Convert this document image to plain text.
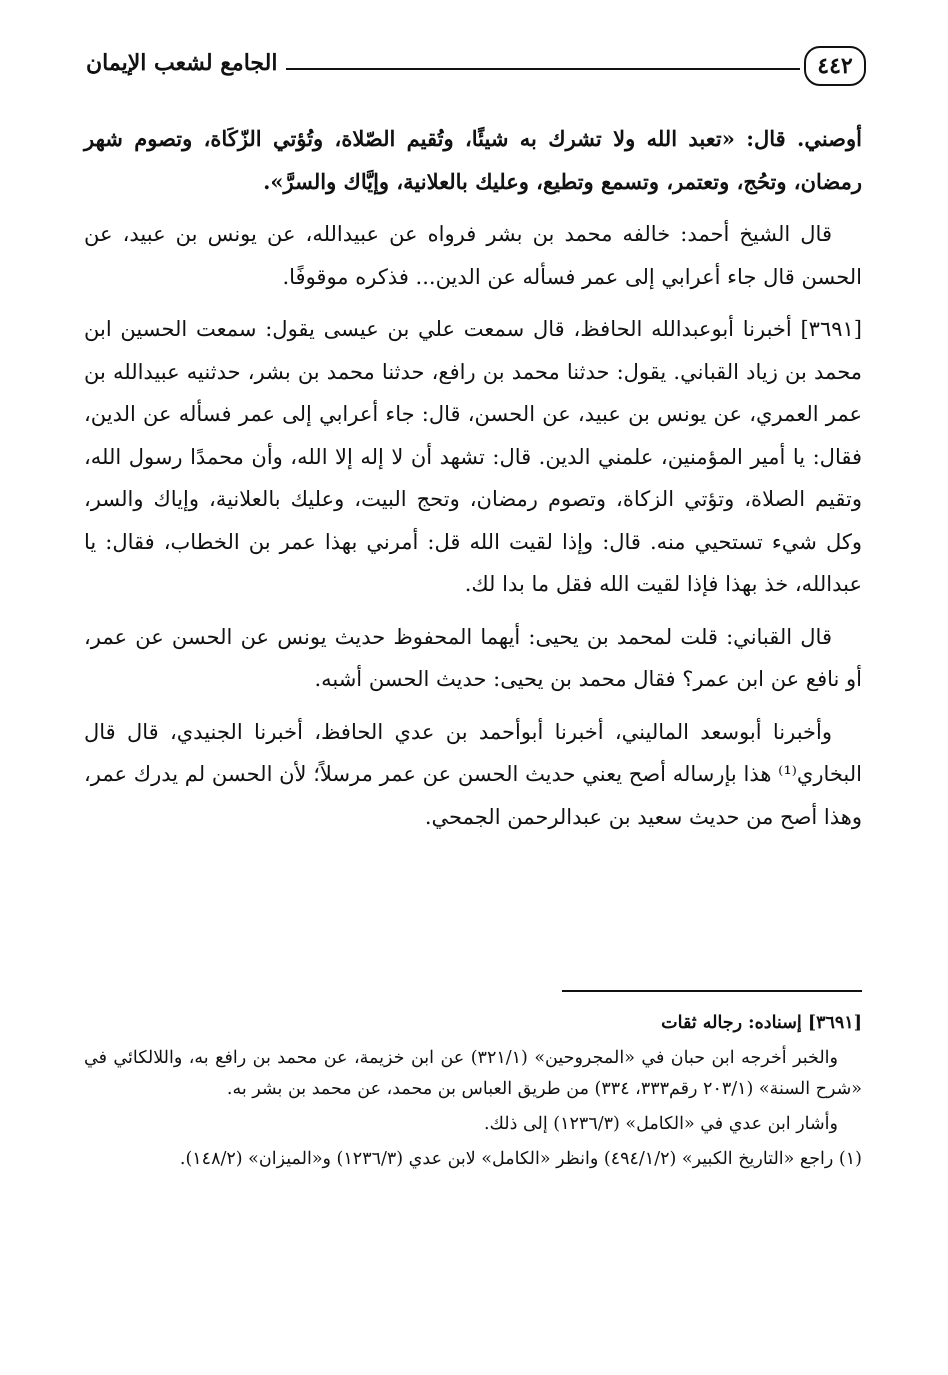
٤٤٢
الجامع لشعب الإيمان

أوصني. قال: «تعبد الله ولا تشرك به شيئًا، وتُقيم الصّلاة، وتُؤتي الزّكَاة، وتصوم شهر رمضان، وتحُج، وتعتمر، وتسمع وتطيع، وعليك بالعلانية، وإيَّاك والسرَّ».

قال الشيخ أحمد: خالفه محمد بن بشر فرواه عن عبيدالله، عن يونس بن عبيد، عن الحسن قال جاء أعرابي إلى عمر فسأله عن الدين... فذكره موقوفًا.

[٣٦٩١] أخبرنا أبوعبدالله الحافظ، قال سمعت علي بن عيسى يقول: سمعت الحسين ابن محمد بن زياد القباني. يقول: حدثنا محمد بن رافع، حدثنا محمد بن بشر، حدثنيه عبيدالله بن عمر العمري، عن يونس بن عبيد، عن الحسن، قال: جاء أعرابي إلى عمر فسأله عن الدين، فقال: يا أمير المؤمنين، علمني الدين. قال: تشهد أن لا إله إلا الله، وأن محمدًا رسول الله، وتقيم الصلاة، وتؤتي الزكاة، وتصوم رمضان، وتحج البيت، وعليك بالعلانية، وإياك والسر، وكل شيء تستحيي منه. قال: وإذا لقيت الله قل: أمرني بهذا عمر بن الخطاب، فقال: يا عبدالله، خذ بهذا فإذا لقيت الله فقل ما بدا لك.

قال القباني: قلت لمحمد بن يحيى: أيهما المحفوظ حديث يونس عن الحسن عن عمر، أو نافع عن ابن عمر؟ فقال محمد بن يحيى: حديث الحسن أشبه.

وأخبرنا أبوسعد الماليني، أخبرنا أبوأحمد بن عدي الحافظ، أخبرنا الجنيدي، قال قال البخاري⁽¹⁾ هذا بإرساله أصح يعني حديث الحسن عن عمر مرسلاً؛ لأن الحسن لم يدرك عمر، وهذا أصح من حديث سعيد بن عبدالرحمن الجمحي.

[٣٦٩١] إسناده: رجاله ثقات

والخبر أخرجه ابن حبان في «المجروحين» (٣٢١/١) عن ابن خزيمة، عن محمد بن رافع به، واللالكائي في «شرح السنة» (٢٠٣/١ رقم٣٣٣، ٣٣٤) من طريق العباس بن محمد، عن محمد بن بشر به.

وأشار ابن عدي في «الكامل» (١٢٣٦/٣) إلى ذلك.

(١) راجع «التاريخ الكبير» (٤٩٤/١/٢) وانظر «الكامل» لابن عدي (١٢٣٦/٣) و«الميزان» (١٤٨/٢).
